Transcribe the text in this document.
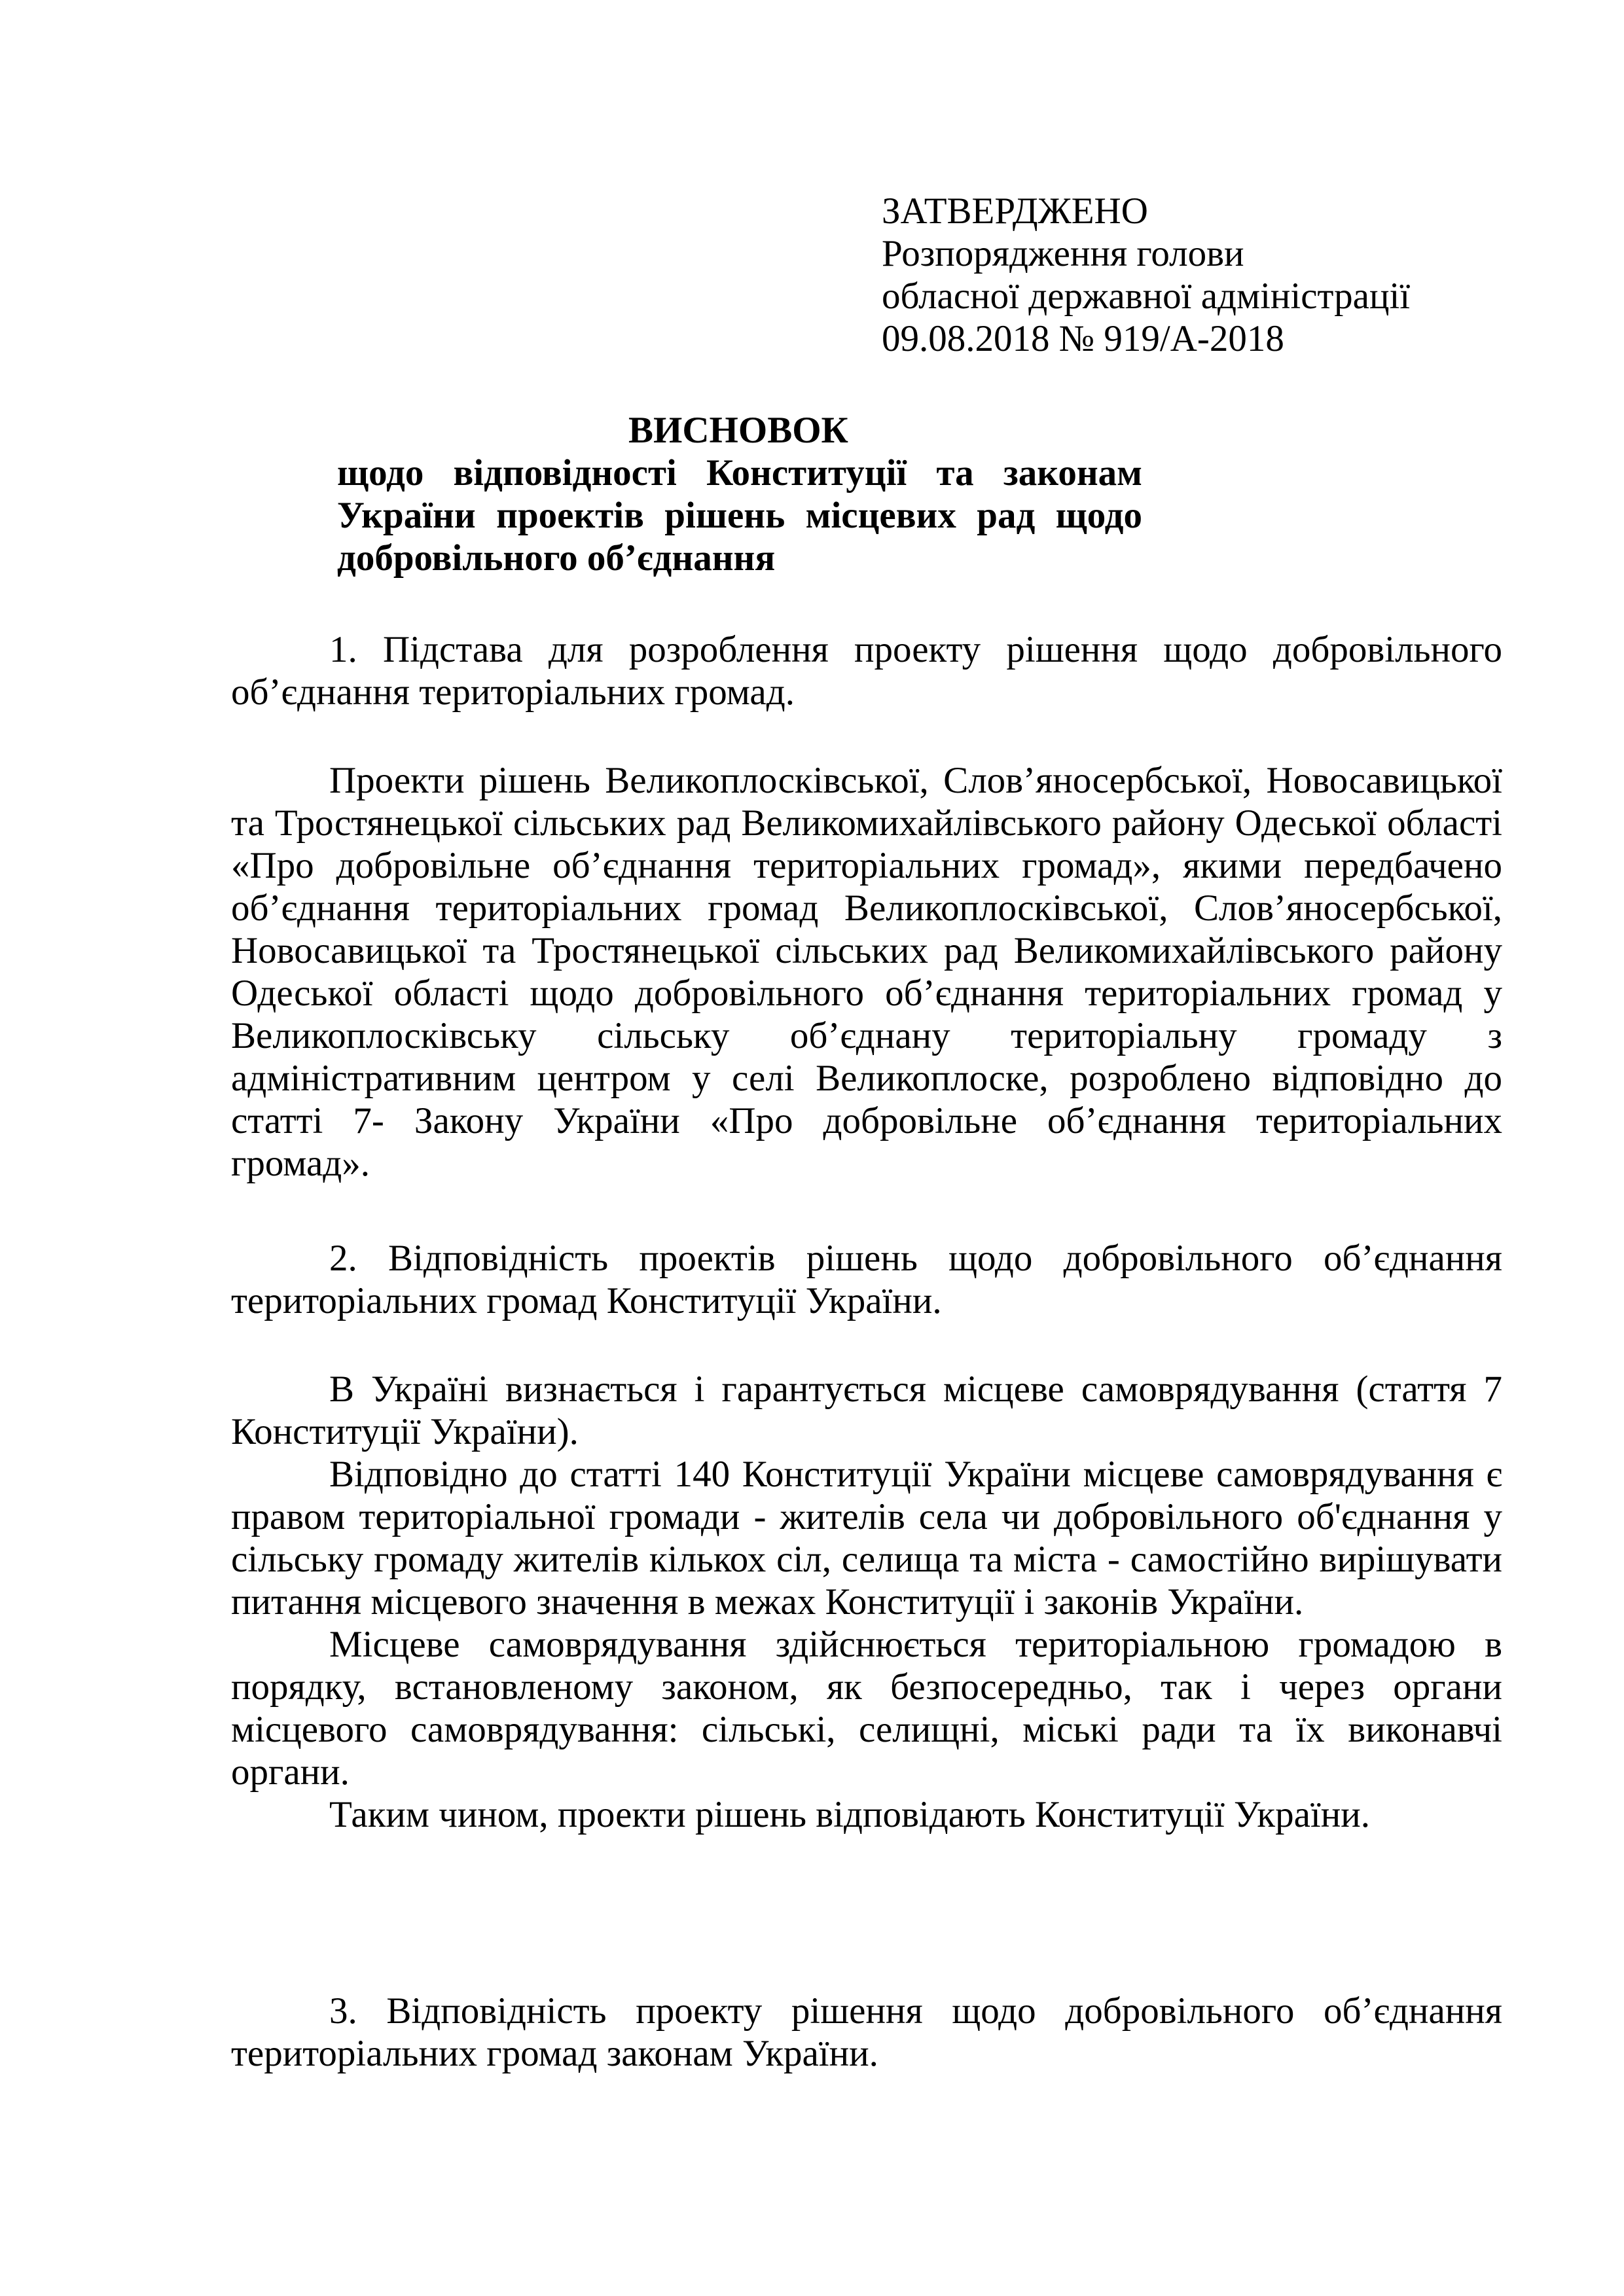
ЗАТВЕРДЖЕНО
Розпорядження голови
обласної державної адміністрації
09.08.2018 № 919/А-2018
ВИСНОВОК
щодо відповідності Конституції та законам
України проектів рішень місцевих рад щодо
добровільного об’єднання

1. Підстава для розроблення проекту рішення щодо добровільного об’єднання територіальних громад.

Проекти рішень Великоплосківської, Слов’яносербської, Новосавицької та Тростянецької сільських рад Великомихайлівського району Одеської області «Про добровільне об’єднання територіальних громад», якими передбачено об’єднання територіальних громад Великоплосківської, Слов’яносербської, Новосавицької та Тростянецької сільських рад Великомихайлівського району Одеської області щодо добровільного об’єднання територіальних громад у Великоплосківську сільську об’єднану територіальну громаду з адміністративним центром у селі Великоплоске, розроблено відповідно до статті 7- Закону України «Про добровільне об’єднання територіальних громад».

2. Відповідність проектів рішень щодо добровільного об’єднання територіальних громад Конституції України.

В Україні визнається і гарантується місцеве самоврядування (стаття 7 Конституції України).

Відповідно до статті 140 Конституції України місцеве самоврядування є правом територіальної громади - жителів села чи добровільного об'єднання у сільську громаду жителів кількох сіл, селища та міста - самостійно вирішувати питання місцевого значення в межах Конституції і законів України.

Місцеве самоврядування здійснюється територіальною громадою в порядку, встановленому законом, як безпосередньо, так і через органи місцевого самоврядування: сільські, селищні, міські ради та їх виконавчі органи.

Таким чином, проекти рішень відповідають Конституції України.

3. Відповідність проекту рішення щодо добровільного об’єднання територіальних громад законам України.
